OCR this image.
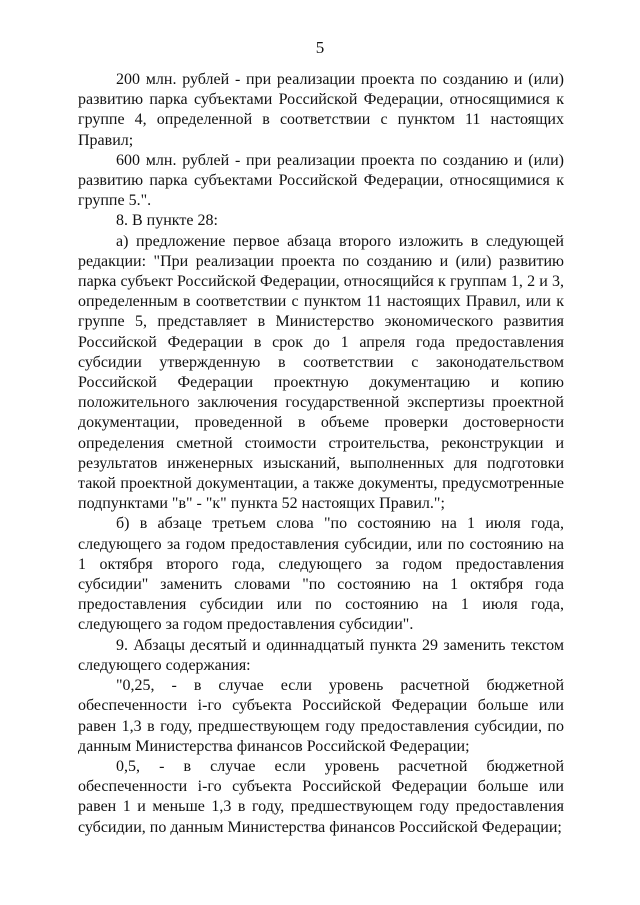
5

200 млн. рублей - при реализации проекта по созданию и (или) развитию парка субъектами Российской Федерации, относящимися к группе 4, определенной в соответствии с пунктом 11 настоящих Правил;

600 млн. рублей - при реализации проекта по созданию и (или) развитию парка субъектами Российской Федерации, относящимися к группе 5.".

8. В пункте 28:

а) предложение первое абзаца второго изложить в следующей редакции: "При реализации проекта по созданию и (или) развитию парка субъект Российской Федерации, относящийся к группам 1, 2 и 3, определенным в соответствии с пунктом 11 настоящих Правил, или к группе 5, представляет в Министерство экономического развития Российской Федерации в срок до 1 апреля года предоставления субсидии утвержденную в соответствии с законодательством Российской Федерации проектную документацию и копию положительного заключения государственной экспертизы проектной документации, проведенной в объеме проверки достоверности определения сметной стоимости строительства, реконструкции и результатов инженерных изысканий, выполненных для подготовки такой проектной документации, а также документы, предусмотренные подпунктами "в" - "к" пункта 52 настоящих Правил.";

б) в абзаце третьем слова "по состоянию на 1 июля года, следующего за годом предоставления субсидии, или по состоянию на 1 октября второго года, следующего за годом предоставления субсидии" заменить словами "по состоянию на 1 октября года предоставления субсидии или по состоянию на 1 июля года, следующего за годом предоставления субсидии".

9. Абзацы десятый и одиннадцатый пункта 29 заменить текстом следующего содержания:

"0,25, - в случае если уровень расчетной бюджетной обеспеченности i-го субъекта Российской Федерации больше или равен 1,3 в году, предшествующем году предоставления субсидии, по данным Министерства финансов Российской Федерации;

0,5, - в случае если уровень расчетной бюджетной обеспеченности i-го субъекта Российской Федерации больше или равен 1 и меньше 1,3 в году, предшествующем году предоставления субсидии, по данным Министерства финансов Российской Федерации;
